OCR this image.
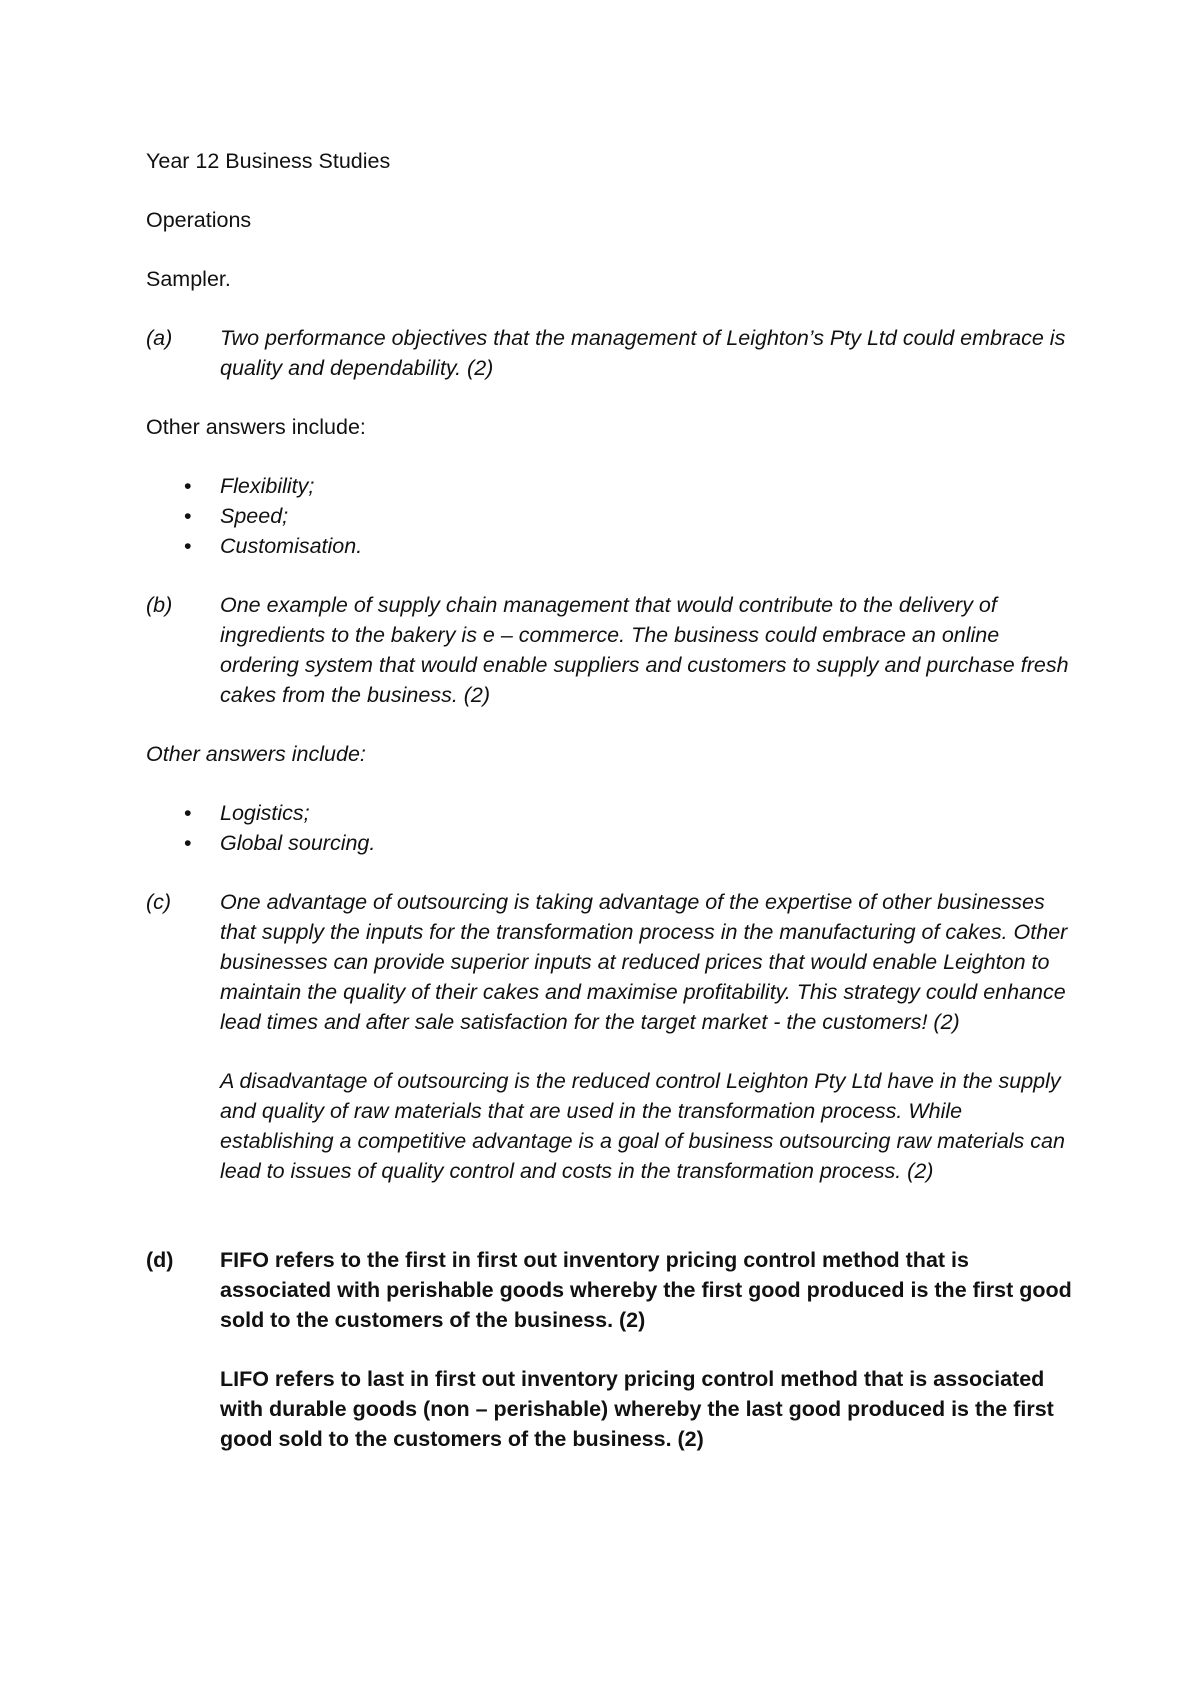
Year 12 Business Studies

Operations

Sampler.

(a)	Two performance objectives that the management of Leighton’s Pty Ltd could embrace is quality and dependability. (2)

Other answers include:

•	Flexibility;
•	Speed;
•	Customisation.
(b)	One example of supply chain management that would contribute to the delivery of ingredients to the bakery is e – commerce. The business could embrace an online ordering system that would enable suppliers and customers to supply and purchase fresh cakes from the business. (2)

Other answers include:

•	Logistics;
•	Global sourcing.
(c)	One advantage of outsourcing is taking advantage of the expertise of other businesses that supply the inputs for the transformation process in the manufacturing of cakes. Other businesses can provide superior inputs at reduced prices that would enable Leighton to maintain the quality of their cakes and maximise profitability. This strategy could enhance lead times and after sale satisfaction for the target market - the customers! (2)

A disadvantage of outsourcing is the reduced control Leighton Pty Ltd have in the supply and quality of raw materials that are used in the transformation process. While establishing a competitive advantage is a goal of business outsourcing raw materials can lead to issues of quality control and costs in the transformation process. (2)

(d)	FIFO refers to the first in first out inventory pricing control method that is associated with perishable goods whereby the first good produced is the first good sold to the customers of the business. (2)

LIFO refers to last in first out inventory pricing control method that is associated with durable goods (non – perishable) whereby the last good produced is the first good sold to the customers of the business. (2)
